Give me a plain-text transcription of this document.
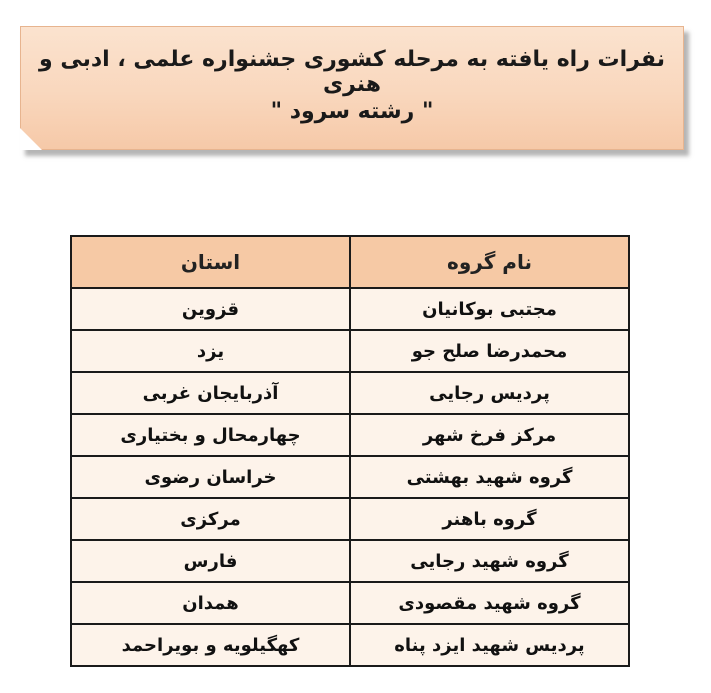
نفرات راه یافته به مرحله کشوری جشنواره علمی ، ادبی و هنری
" رشته سرود "
نام گروه	استان
مجتبی بوکانیان	قزوین
محمدرضا صلح جو	یزد
پردیس رجایی	آذربایجان غربی
مرکز فرخ شهر	چهارمحال و بختیاری
گروه شهید بهشتی	خراسان رضوی
گروه باهنر	مرکزی
گروه شهید رجایی	فارس
گروه شهید مقصودی	همدان
پردیس شهید ایزد پناه	کهگیلویه و بویراحمد
